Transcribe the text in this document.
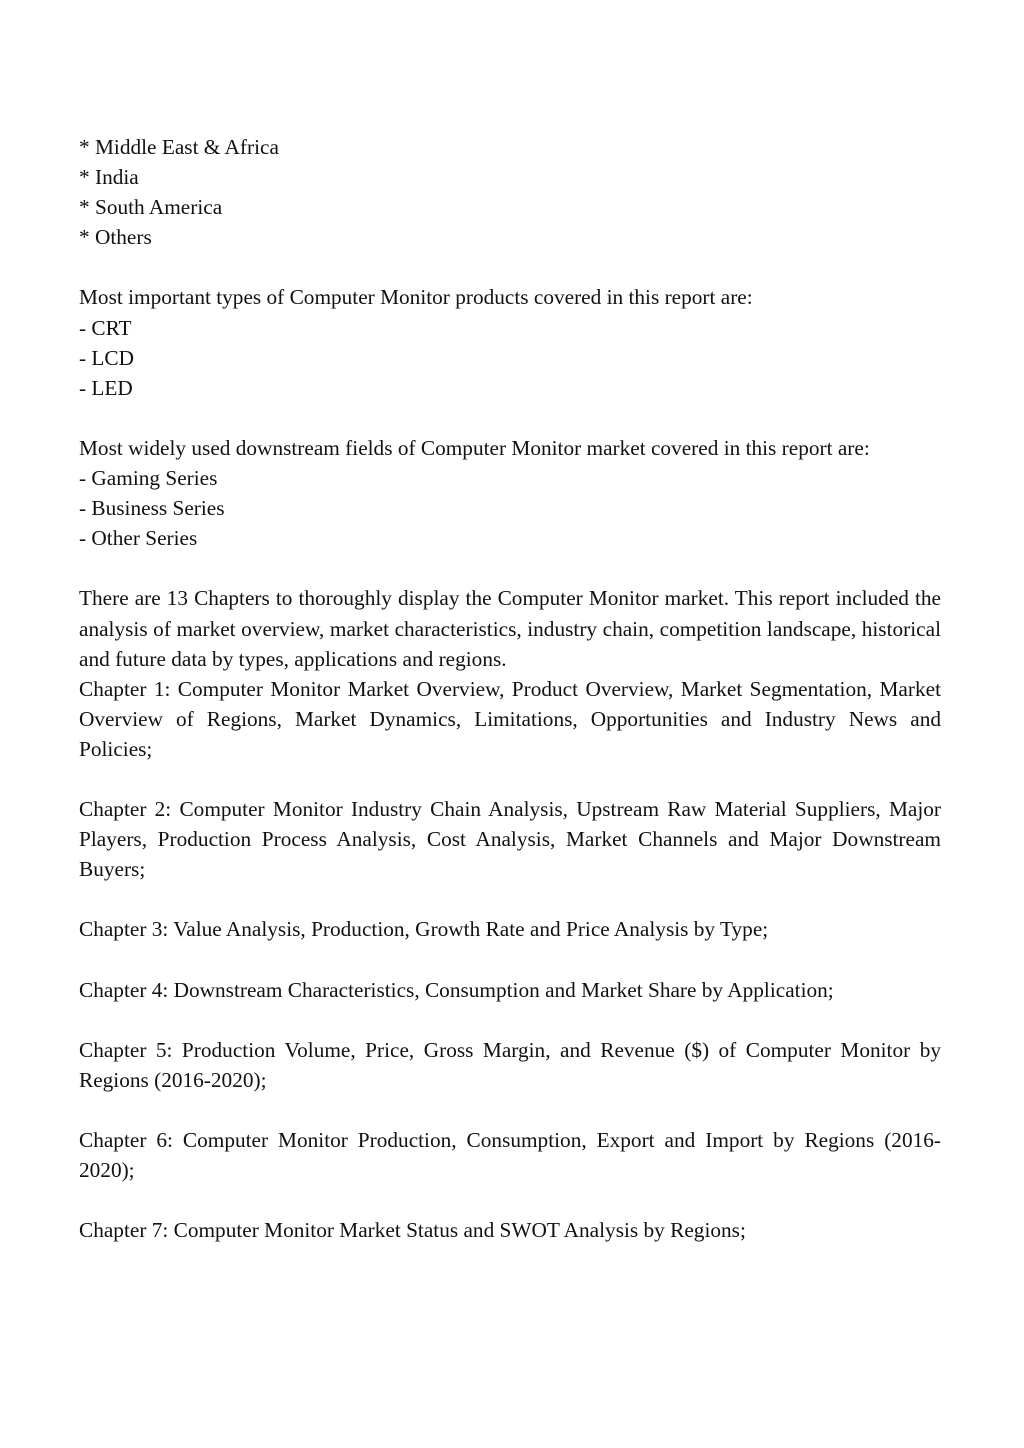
* Middle East & Africa
* India
* South America
* Others
Most important types of Computer Monitor products covered in this report are:
- CRT
- LCD
- LED
Most widely used downstream fields of Computer Monitor market covered in this report are:
- Gaming Series
- Business Series
- Other Series
There are 13 Chapters to thoroughly display the Computer Monitor market. This report included the analysis of market overview, market characteristics, industry chain, competition landscape, historical and future data by types, applications and regions.
Chapter 1: Computer Monitor Market Overview, Product Overview, Market Segmentation, Market Overview of Regions, Market Dynamics, Limitations, Opportunities and Industry News and Policies;
Chapter 2: Computer Monitor Industry Chain Analysis, Upstream Raw Material Suppliers, Major Players, Production Process Analysis, Cost Analysis, Market Channels and Major Downstream Buyers;
Chapter 3: Value Analysis, Production, Growth Rate and Price Analysis by Type;
Chapter 4: Downstream Characteristics, Consumption and Market Share by Application;
Chapter 5: Production Volume, Price, Gross Margin, and Revenue ($) of Computer Monitor by Regions (2016-2020);
Chapter 6: Computer Monitor Production, Consumption, Export and Import by Regions (2016-2020);
Chapter 7: Computer Monitor Market Status and SWOT Analysis by Regions;
